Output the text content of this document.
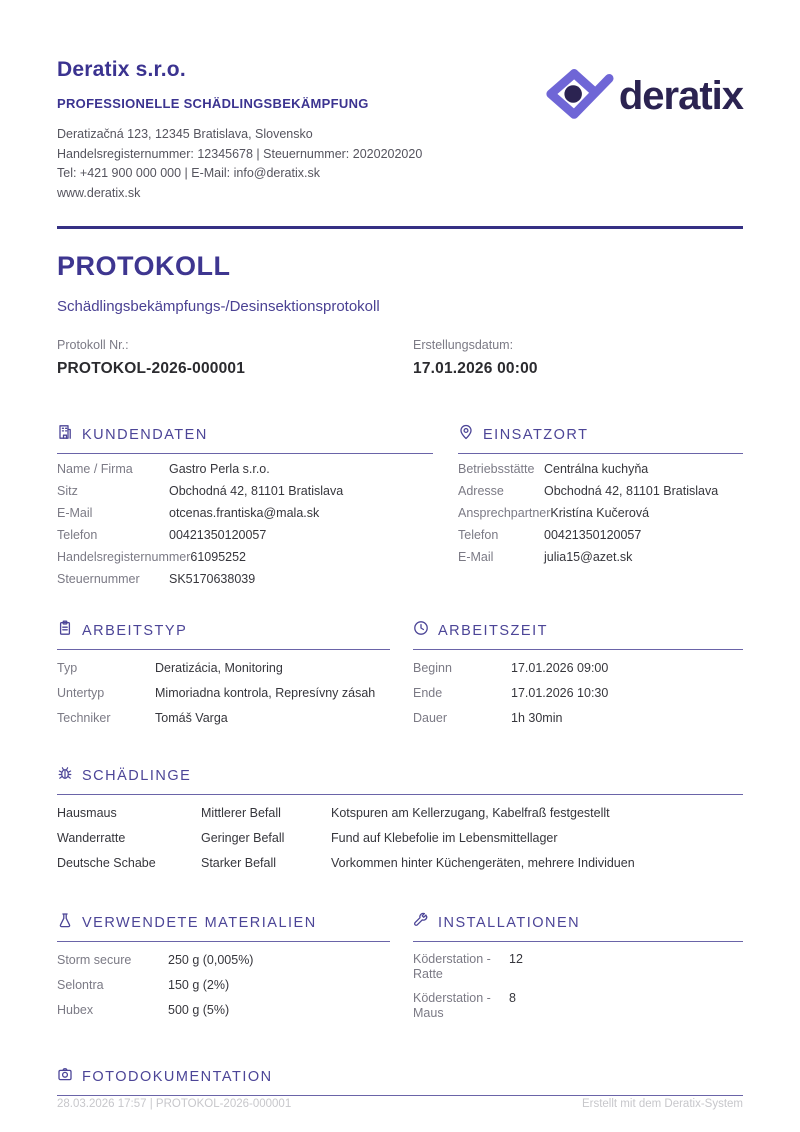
Deratix s.r.o.
PROFESSIONELLE SCHÄDLINGSBEKÄMPFUNG
Deratizačná 123, 12345 Bratislava, Slovensko
Handelsregisternummer: 12345678 | Steuernummer: 2020202020
Tel: +421 900 000 000 | E-Mail: info@deratix.sk
www.deratix.sk
deratix
PROTOKOLL
Schädlingsbekämpfungs-/Desinsektionsprotokoll
Protokoll Nr.:
PROTOKOL-2026-000001
Erstellungsdatum:
17.01.2026 00:00
KUNDENDATEN
Name / Firma	Gastro Perla s.r.o.
Sitz	Obchodná 42, 81101 Bratislava
E-Mail	otcenas.frantiska@mala.sk
Telefon	00421350120057
Handelsregisternummer 61095252
Steuernummer	SK5170638039
EINSATZORT
Betriebsstätte Centrálna kuchyňa
Adresse	Obchodná 42, 81101 Bratislava
Ansprechpartner Kristína Kučerová
Telefon	00421350120057
E-Mail	julia15@azet.sk
ARBEITSTYP
Typ	Deratizácia, Monitoring
Untertyp	Mimoriadna kontrola, Represívny zásah
Techniker	Tomáš Varga
ARBEITSZEIT
Beginn	17.01.2026 09:00
Ende	17.01.2026 10:30
Dauer	1h 30min
SCHÄDLINGE
Hausmaus	Mittlerer Befall	Kotspuren am Kellerzugang, Kabelfraß festgestellt
Wanderratte	Geringer Befall	Fund auf Klebefolie im Lebensmittellager
Deutsche Schabe	Starker Befall	Vorkommen hinter Küchengeräten, mehrere Individuen
VERWENDETE MATERIALIEN
Storm secure	250 g (0,005%)
Selontra	150 g (2%)
Hubex	500 g (5%)
INSTALLATIONEN
Köderstation - Ratte
12
Köderstation - Maus
8
FOTODOKUMENTATION
28.03.2026 17:57 | PROTOKOL-2026-000001	Erstellt mit dem Deratix-System
